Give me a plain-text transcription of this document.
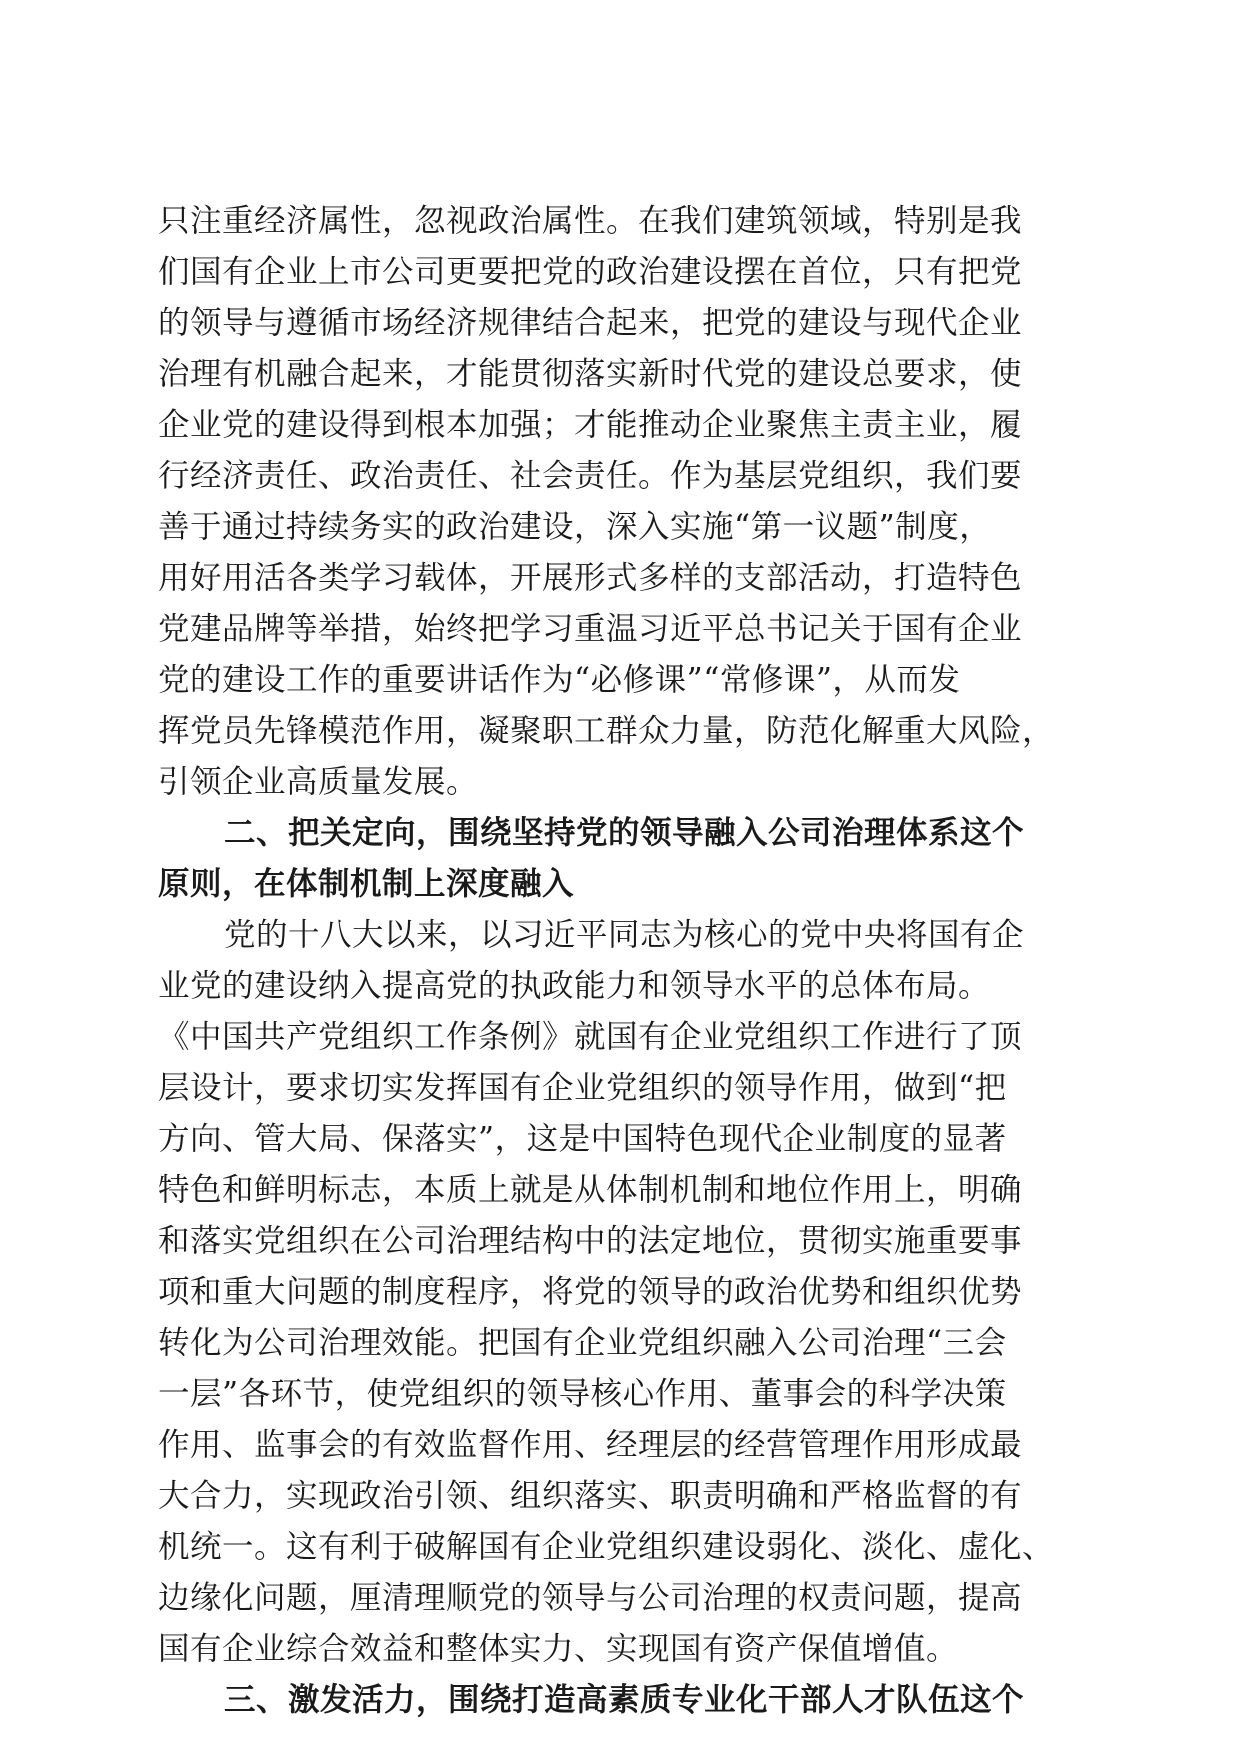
只注重经济属性，忽视政治属性。在我们建筑领域，特别是我
们国有企业上市公司更要把党的政治建设摆在首位，只有把党
的领导与遵循市场经济规律结合起来，把党的建设与现代企业
治理有机融合起来，才能贯彻落实新时代党的建设总要求，使
企业党的建设得到根本加强；才能推动企业聚焦主责主业，履
行经济责任、政治责任、社会责任。作为基层党组织，我们要
善于通过持续务实的政治建设，深入实施“第一议题”制度，
用好用活各类学习载体，开展形式多样的支部活动，打造特色
党建品牌等举措，始终把学习重温习近平总书记关于国有企业
党的建设工作的重要讲话作为“必修课”“常修课”，从而发
挥党员先锋模范作用，凝聚职工群众力量，防范化解重大风险，
引领企业高质量发展。
二、把关定向，围绕坚持党的领导融入公司治理体系这个
原则，在体制机制上深度融入
党的十八大以来，以习近平同志为核心的党中央将国有企
业党的建设纳入提高党的执政能力和领导水平的总体布局。
《中国共产党组织工作条例》就国有企业党组织工作进行了顶
层设计，要求切实发挥国有企业党组织的领导作用，做到“把
方向、管大局、保落实”，这是中国特色现代企业制度的显著
特色和鲜明标志，本质上就是从体制机制和地位作用上，明确
和落实党组织在公司治理结构中的法定地位，贯彻实施重要事
项和重大问题的制度程序，将党的领导的政治优势和组织优势
转化为公司治理效能。把国有企业党组织融入公司治理“三会
一层”各环节，使党组织的领导核心作用、董事会的科学决策
作用、监事会的有效监督作用、经理层的经营管理作用形成最
大合力，实现政治引领、组织落实、职责明确和严格监督的有
机统一。这有利于破解国有企业党组织建设弱化、淡化、虚化、
边缘化问题，厘清理顺党的领导与公司治理的权责问题，提高
国有企业综合效益和整体实力、实现国有资产保值增值。
三、激发活力，围绕打造高素质专业化干部人才队伍这个
